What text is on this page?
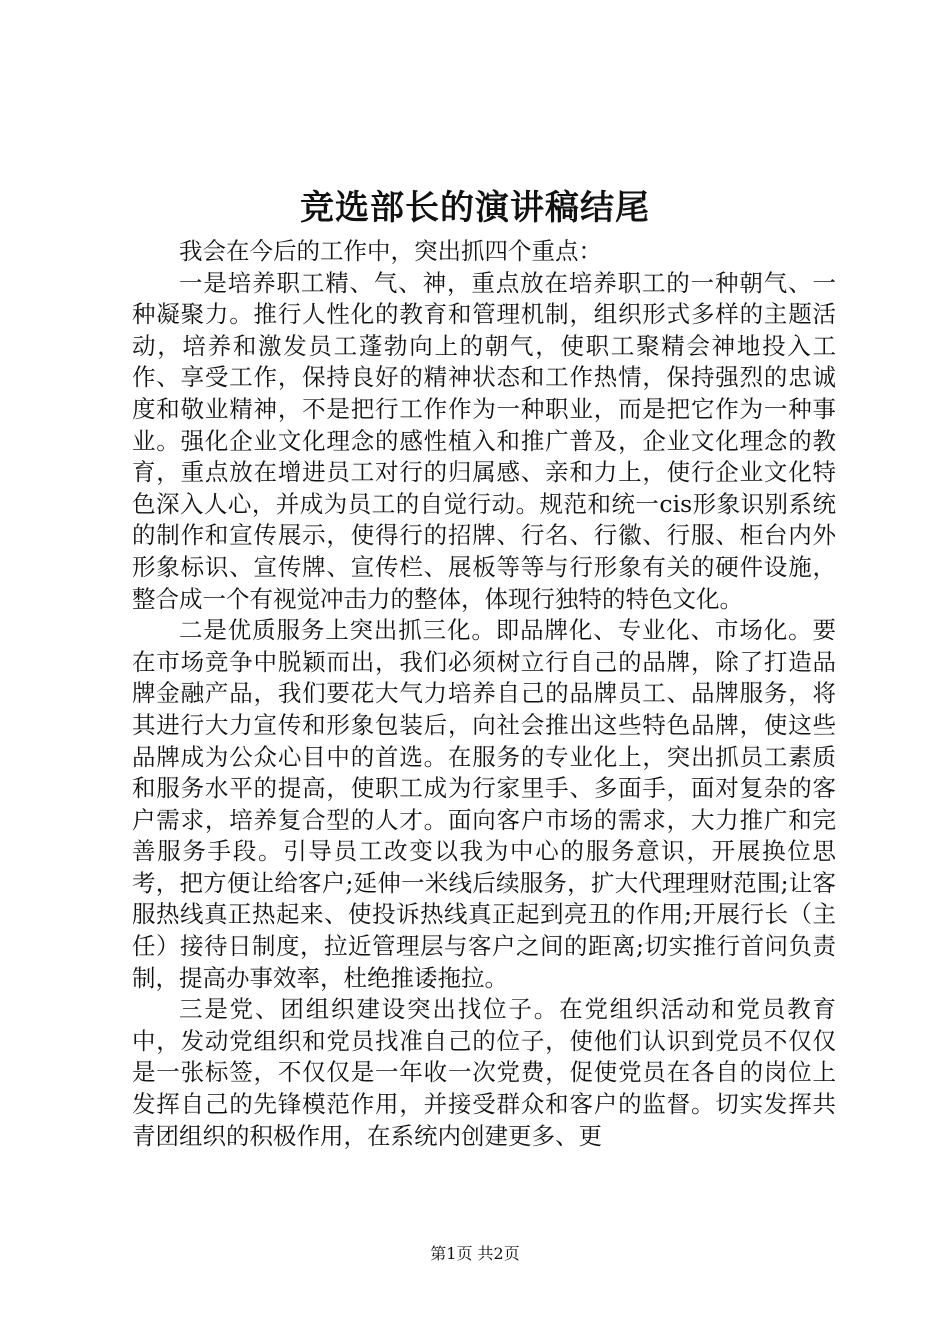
竞选部长的演讲稿结尾

我会在今后的工作中，突出抓四个重点：

一是培养职工精、气、神，重点放在培养职工的一种朝气、一种凝聚力。推行人性化的教育和管理机制，组织形式多样的主题活动，培养和激发员工蓬勃向上的朝气，使职工聚精会神地投入工作、享受工作，保持良好的精神状态和工作热情，保持强烈的忠诚度和敬业精神，不是把行工作作为一种职业，而是把它作为一种事业。强化企业文化理念的感性植入和推广普及，企业文化理念的教育，重点放在增进员工对行的归属感、亲和力上，使行企业文化特色深入人心，并成为员工的自觉行动。规范和统一cis形象识别系统的制作和宣传展示，使得行的招牌、行名、行徽、行服、柜台内外形象标识、宣传牌、宣传栏、展板等等与行形象有关的硬件设施，整合成一个有视觉冲击力的整体，体现行独特的特色文化。

二是优质服务上突出抓三化。即品牌化、专业化、市场化。要在市场竞争中脱颖而出，我们必须树立行自己的品牌，除了打造品牌金融产品，我们要花大气力培养自己的品牌员工、品牌服务，将其进行大力宣传和形象包装后，向社会推出这些特色品牌，使这些品牌成为公众心目中的首选。在服务的专业化上，突出抓员工素质和服务水平的提高，使职工成为行家里手、多面手，面对复杂的客户需求，培养复合型的人才。面向客户市场的需求，大力推广和完善服务手段。引导员工改变以我为中心的服务意识，开展换位思考，把方便让给客户;延伸一米线后续服务，扩大代理理财范围;让客服热线真正热起来、使投诉热线真正起到亮丑的作用;开展行长（主任）接待日制度，拉近管理层与客户之间的距离;切实推行首问负责制，提高办事效率，杜绝推诿拖拉。

三是党、团组织建设突出找位子。在党组织活动和党员教育中，发动党组织和党员找准自己的位子，使他们认识到党员不仅仅是一张标签，不仅仅是一年收一次党费，促使党员在各自的岗位上发挥自己的先锋模范作用，并接受群众和客户的监督。切实发挥共青团组织的积极作用，在系统内创建更多、更

第1页 共2页
